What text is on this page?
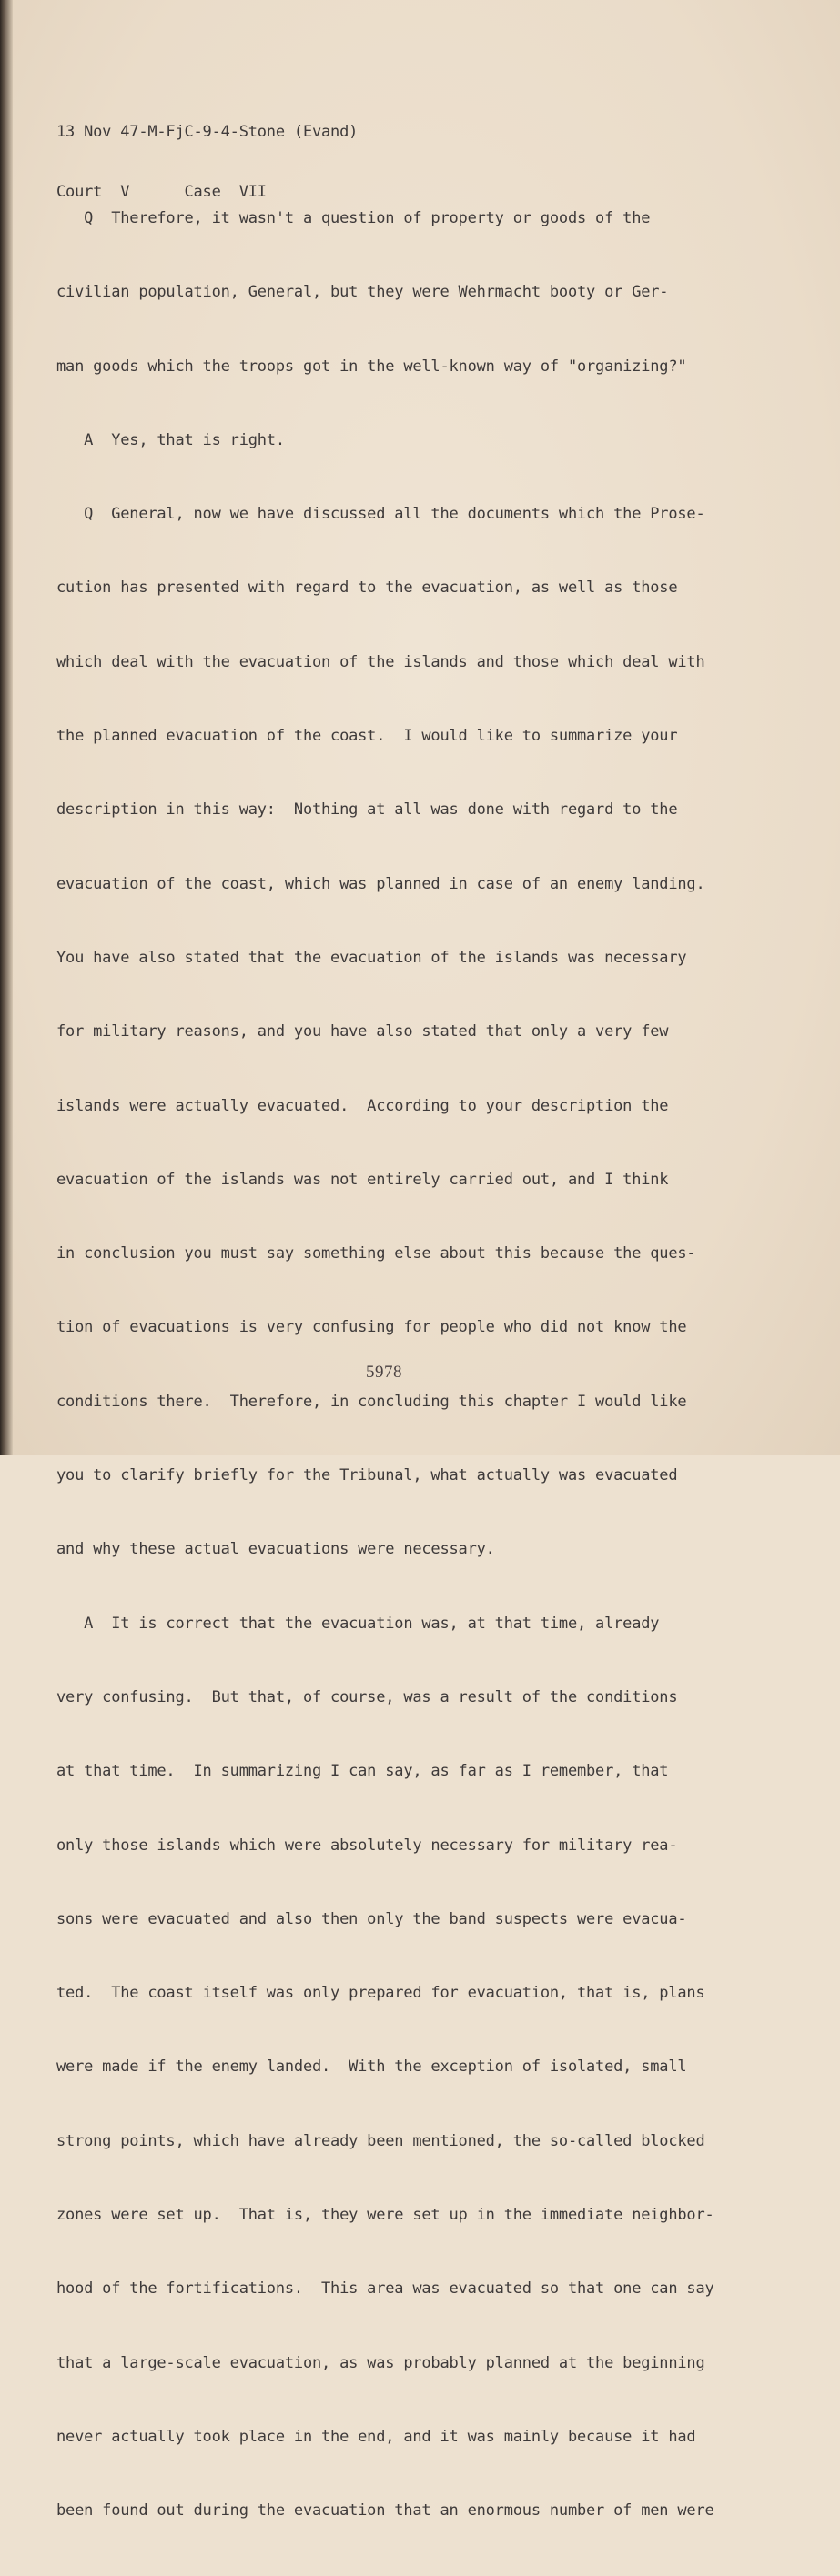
13 Nov 47-M-FjC-9-4-Stone (Evand)

Court  V      Case  VII

Q  Therefore, it wasn't a question of property or goods of the

civilian population, General, but they were Wehrmacht booty or Ger-

man goods which the troops got in the well-known way of "organizing?"

A  Yes, that is right.

Q  General, now we have discussed all the documents which the Prose-

cution has presented with regard to the evacuation, as well as those

which deal with the evacuation of the islands and those which deal with

the planned evacuation of the coast.  I would like to summarize your

description in this way:  Nothing at all was done with regard to the

evacuation of the coast, which was planned in case of an enemy landing.

You have also stated that the evacuation of the islands was necessary

for military reasons, and you have also stated that only a very few

islands were actually evacuated.  According to your description the

evacuation of the islands was not entirely carried out, and I think

in conclusion you must say something else about this because the ques-

tion of evacuations is very confusing for people who did not know the

conditions there.  Therefore, in concluding this chapter I would like

you to clarify briefly for the Tribunal, what actually was evacuated

and why these actual evacuations were necessary.

A  It is correct that the evacuation was, at that time, already

very confusing.  But that, of course, was a result of the conditions

at that time.  In summarizing I can say, as far as I remember, that

only those islands which were absolutely necessary for military rea-

sons were evacuated and also then only the band suspects were evacua-

ted.  The coast itself was only prepared for evacuation, that is, plans

were made if the enemy landed.  With the exception of isolated, small

strong points, which have already been mentioned, the so-called blocked

zones were set up.  That is, they were set up in the immediate neighbor-

hood of the fortifications.  This area was evacuated so that one can say

that a large-scale evacuation, as was probably planned at the beginning

never actually took place in the end, and it was mainly because it had

been found out during the evacuation that an enormous number of men were

5978
